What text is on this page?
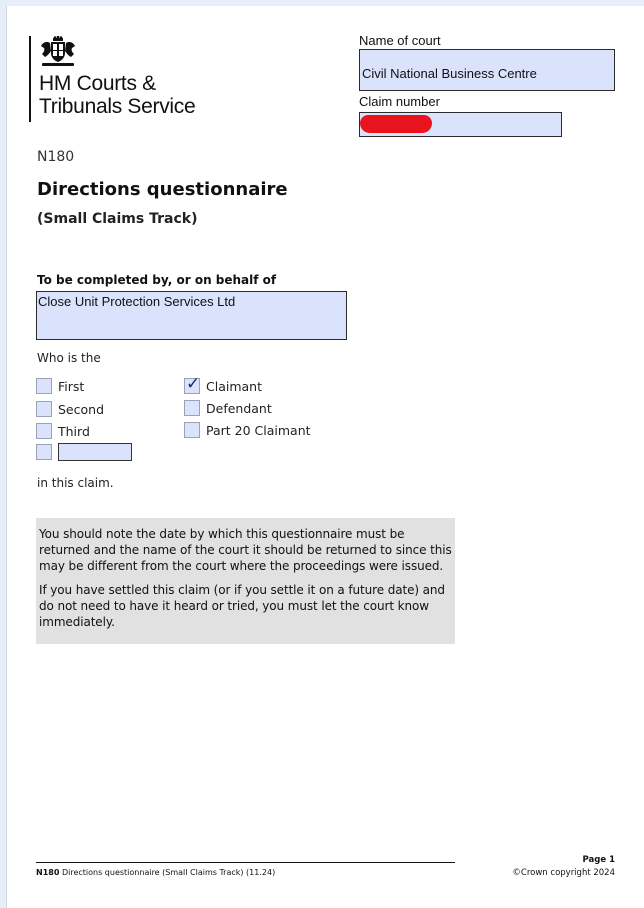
HM Courts &
Tribunals Service
Name of court
Civil National Business Centre
Claim number
N180
Directions questionnaire
(Small Claims Track)
To be completed by, or on behalf of
Close Unit Protection Services Ltd
Who is the
First
Second
Third
✓ Claimant
Defendant
Part 20 Claimant
in this claim.

You should note the date by which this questionnaire must be returned and the name of the court it should be returned to since this may be different from the court where the proceedings were issued.

If you have settled this claim (or if you settle it on a future date) and do not need to have it heard or tried, you must let the court know immediately.

N180 Directions questionnaire (Small Claims Track) (11.24)
Page 1
©Crown copyright 2024
